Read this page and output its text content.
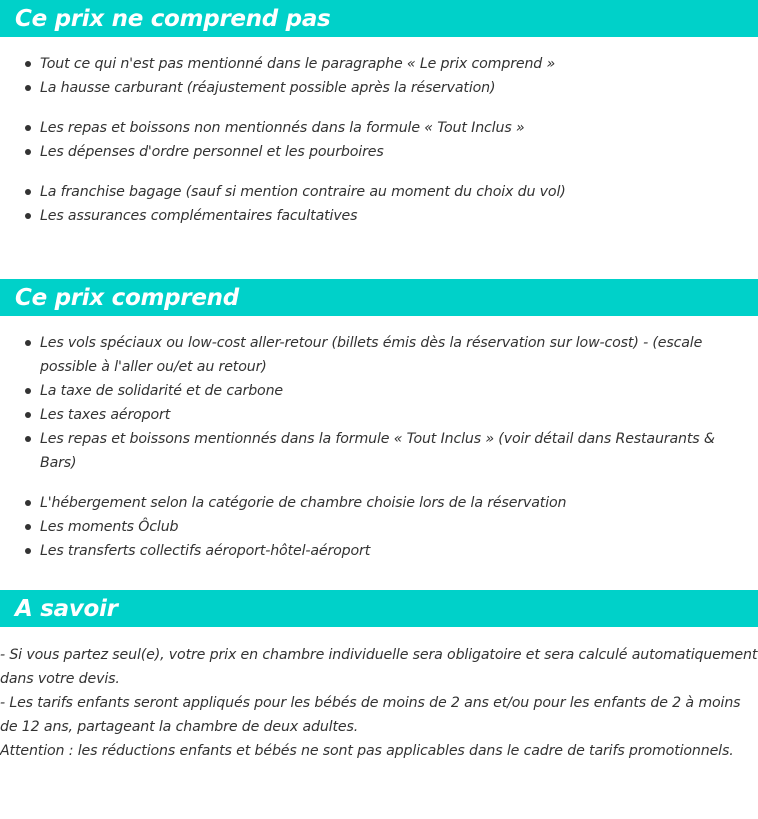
Ce prix ne comprend pas
Tout ce qui n'est pas mentionné dans le paragraphe « Le prix comprend »
La hausse carburant (réajustement possible après la réservation)
Les repas et boissons non mentionnés dans la formule « Tout Inclus »
Les dépenses d'ordre personnel et les pourboires
La franchise bagage (sauf si mention contraire au moment du choix du vol)
Les assurances complémentaires facultatives
Ce prix comprend
Les vols spéciaux ou low-cost aller-retour (billets émis dès la réservation sur low-cost) - (escale possible à l'aller ou/et au retour)
La taxe de solidarité et de carbone
Les taxes aéroport
Les repas et boissons mentionnés dans la formule « Tout Inclus » (voir détail dans Restaurants & Bars)
L'hébergement selon la catégorie de chambre choisie lors de la réservation
Les moments Ôclub
Les transferts collectifs aéroport-hôtel-aéroport
A savoir

- Si vous partez seul(e), votre prix en chambre individuelle sera obligatoire et sera calculé automatiquement dans votre devis.

- Les tarifs enfants seront appliqués pour les bébés de moins de 2 ans et/ou pour les enfants de 2 à moins de 12 ans, partageant la chambre de deux adultes.

Attention : les réductions enfants et bébés ne sont pas applicables dans le cadre de tarifs promotionnels.
